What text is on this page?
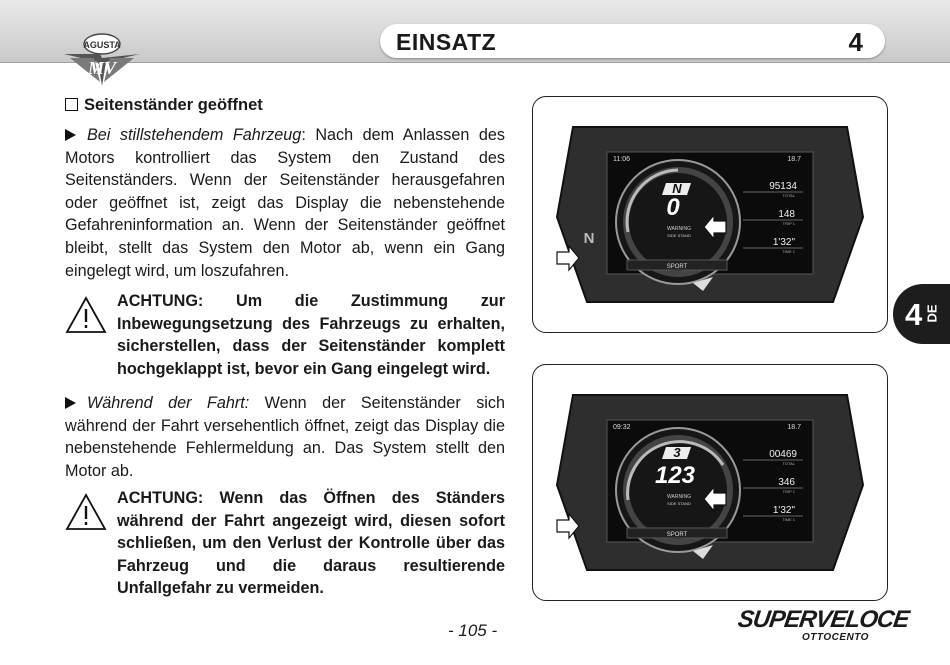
AGUSTA
MV
EINSATZ	4
Seitenständer geöffnet
Bei stillstehendem Fahrzeug: Nach dem Anlassen des Motors kontrolliert das System den Zustand des Seitenständers. Wenn der Seitenständer herausgefahren oder geöffnet ist, zeigt das Display die nebenstehende Gefahreninformation an. Wenn der Seitenständer geöffnet bleibt, stellt das System den Motor ab, wenn ein Gang eingelegt wird, um loszufahren.
ACHTUNG: Um die Zustimmung zur Inbewegungsetzung des Fahrzeugs zu erhalten, sicherstellen, dass der Seitenständer komplett hochgeklappt ist, bevor ein Gang eingelegt wird.
Während der Fahrt: Wenn der Seitenständer sich während der Fahrt versehentlich öffnet, zeigt das Display die nebenstehende Fehlermeldung an. Das System stellt den Motor ab.
ACHTUNG: Wenn das Öffnen des Ständers während der Fahrt angezeigt wird, diesen sofort schließen, um den Verlust der Kontrolle über das Fahrzeug und die daraus resultierende Unfallgefahr zu vermeiden.
N
0
WARNING
SIDE STAND
11:06	18.7
95134
TOTAL
148
TRIP 1
1'32"
TIME 1
SPORT
N
3
123
WARNING
SIDE STAND
09:32	18.7
00469
TOTAL
346
TRIP 1
1'32"
TIME 1
SPORT
4 DE
- 105 -	SUPERVELOCE
OTTOCENTO
